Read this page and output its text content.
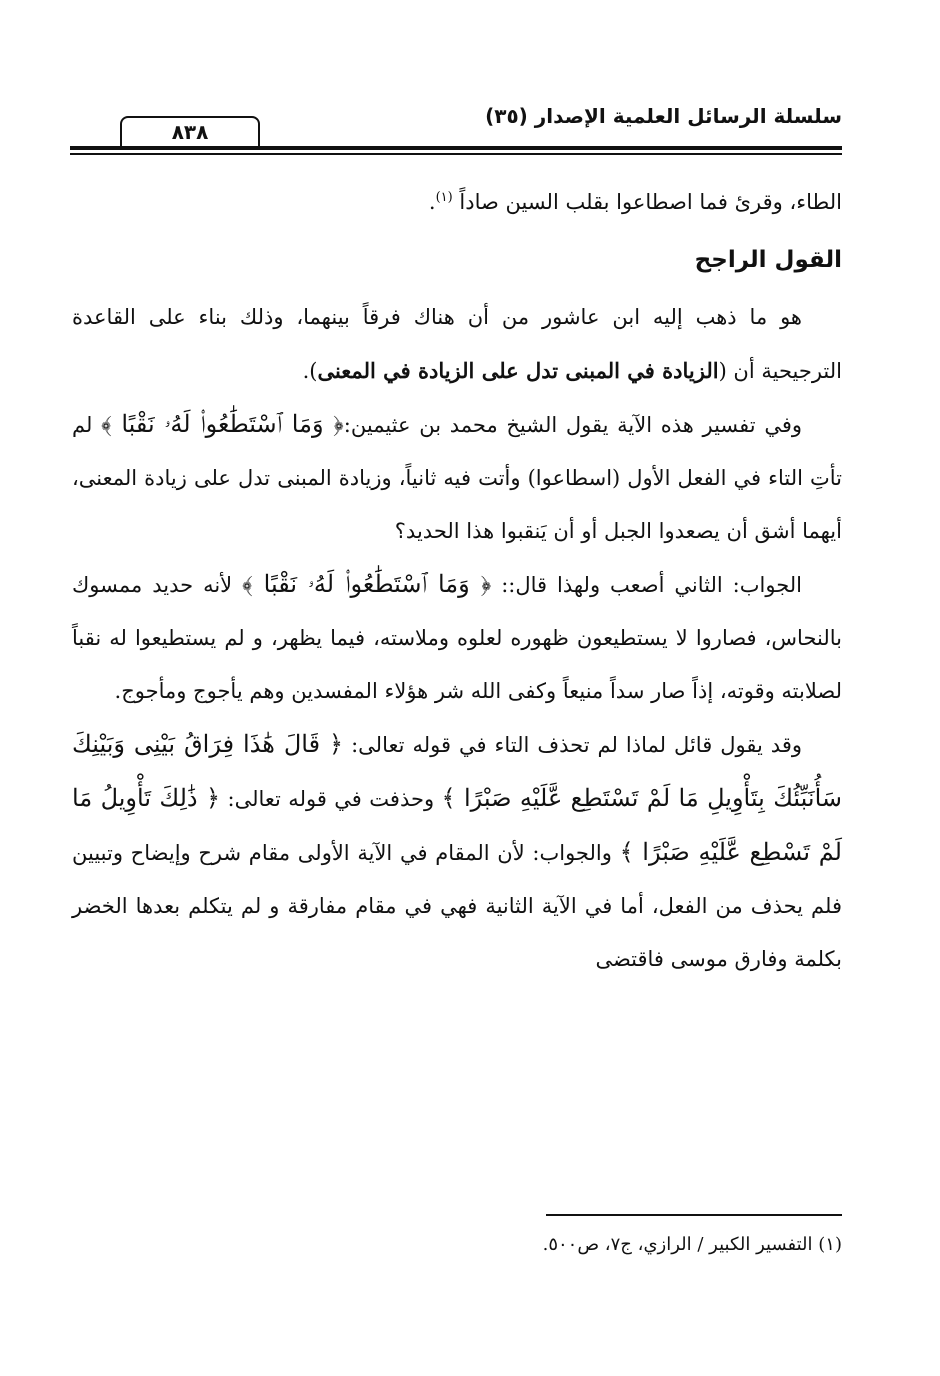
سلسلة الرسائل العلمية الإصدار (٣٥)
٨٣٨

الطاء، وقرئ فما اصطاعوا بقلب السين صاداً $^{(١)}$.

القول الراجح

هو ما ذهب إليه ابن عاشور من أن هناك فرقاً بينهما، وذلك بناء على القاعدة الترجيحية أن (الزيادة في المبنى تدل على الزيادة في المعنى).

وفي تفسير هذه الآية يقول الشيخ محمد بن عثيمين:﴿ وَمَا ٱسْتَطَٰعُوا۟ لَهُۥ نَقْبًا ﴾ لم تأتِ التاء في الفعل الأول (اسطاعوا) وأتت فيه ثانياً، وزيادة المبنى تدل على زيادة المعنى، أيهما أشق أن يصعدوا الجبل أو أن يَنقبوا هذا الحديد؟

الجواب: الثاني أصعب ولهذا قال:: ﴿ وَمَا ٱسْتَطَٰعُوا۟ لَهُۥ نَقْبًا ﴾ لأنه حديد ممسوك بالنحاس، فصاروا لا يستطيعون ظهوره لعلوه وملاسته، فيما يظهر، و لم يستطيعوا له نقباً لصلابته وقوته، إذاً صار سداً منيعاً وكفى الله شر هؤلاء المفسدين وهم يأجوج ومأجوج.

وقد يقول قائل لماذا لم تحذف التاء في قوله تعالى: ﴿ قَالَ هَٰذَا فِرَاقُ بَيْنِى وَبَيْنِكَ سَأُنَبِّئُكَ بِتَأْوِيلِ مَا لَمْ تَسْتَطِع عَّلَيْهِ صَبْرًا ﴾ وحذفت في قوله تعالى: ﴿ ذَٰلِكَ تَأْوِيلُ مَا لَمْ تَسْطِع عَّلَيْهِ صَبْرًا ﴾ والجواب: لأن المقام في الآية الأولى مقام شرح وإيضاح وتبيين فلم يحذف من الفعل، أما في الآية الثانية فهي في مقام مفارقة و لم يتكلم بعدها الخضر بكلمة وفارق موسى فاقتضى

(١) التفسير الكبير / الرازي، ج٧، ص٥٠٠.
